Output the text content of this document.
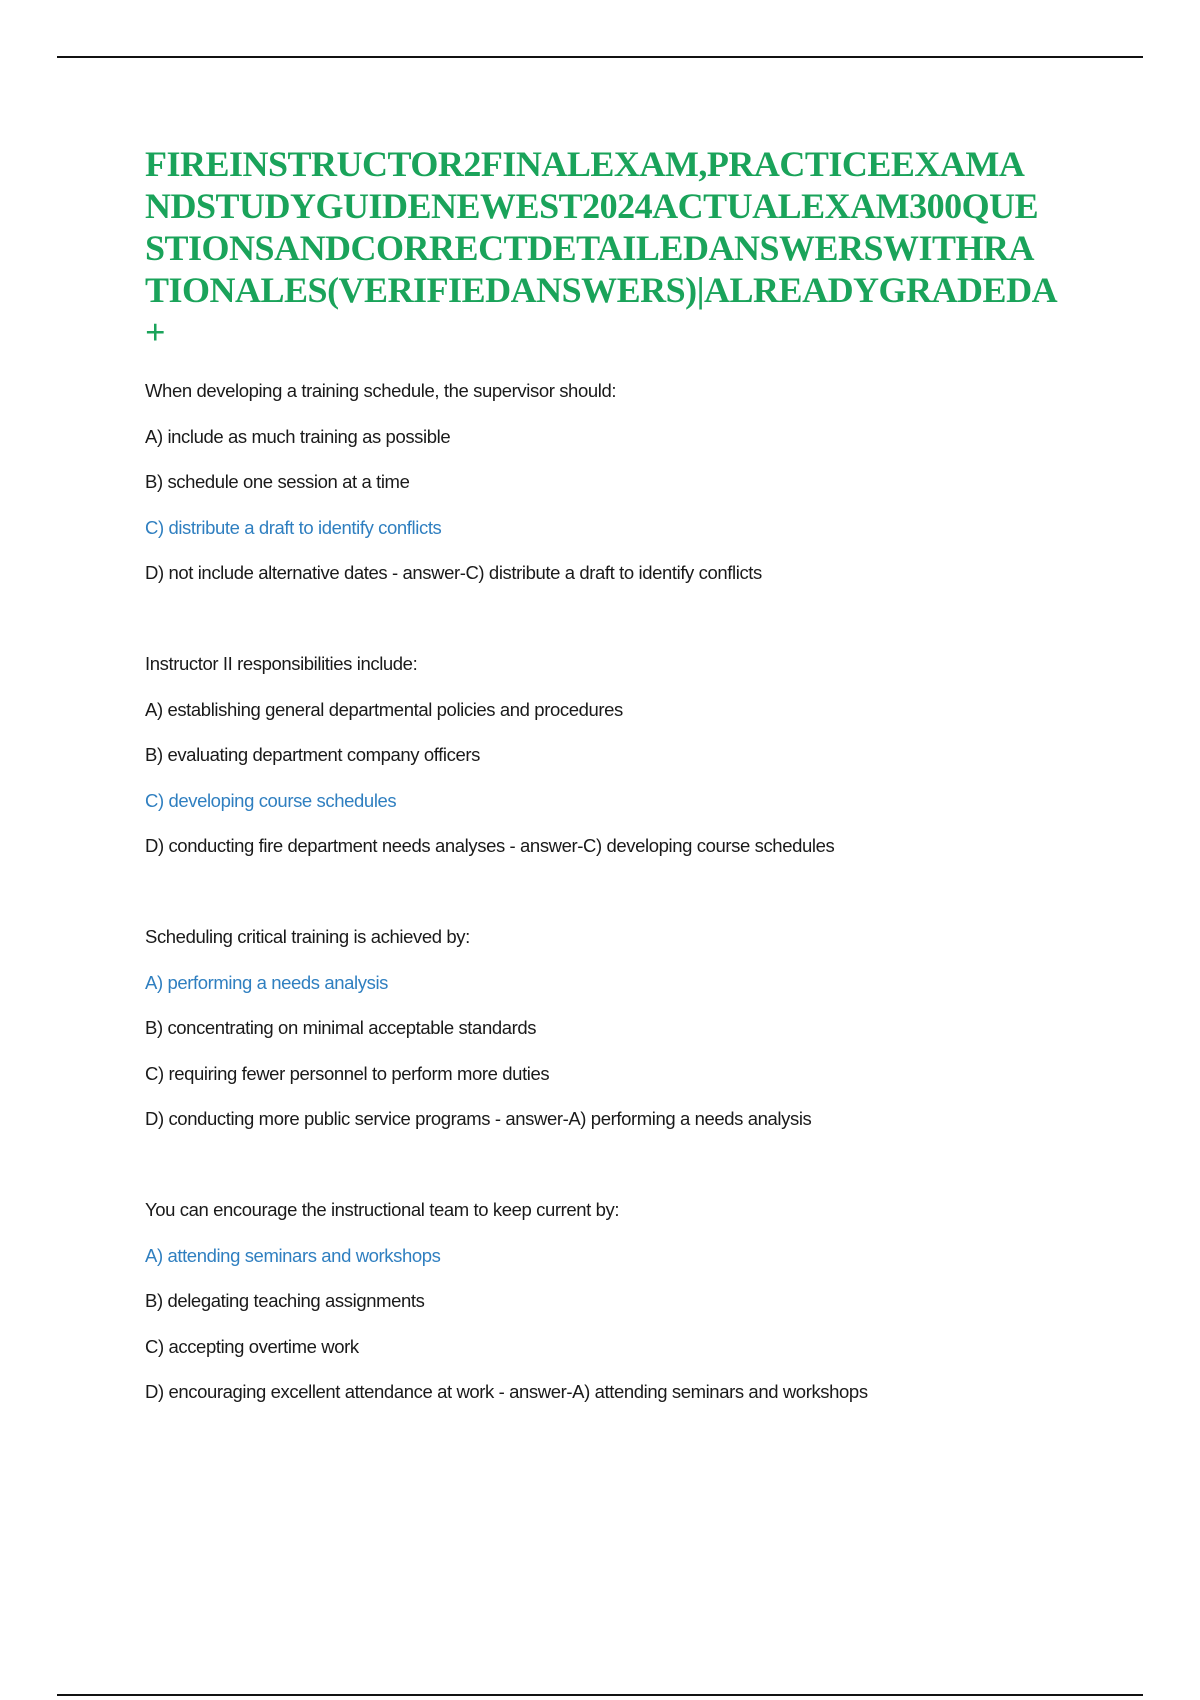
FIREINSTRUCTOR2FINALEXAM,PRACTICEEXAMA
NDSTUDYGUIDENEWEST2024ACTUALEXAM300QUE
STIONSANDCORRECTDETAILEDANSWERSWITHRA
TIONALES(VERIFIEDANSWERS)|ALREADYGRADEDA
+
When developing a training schedule, the supervisor should:
A) include as much training as possible
B) schedule one session at a time
C) distribute a draft to identify conflicts
D) not include alternative dates - answer-C) distribute a draft to identify conflicts
Instructor II responsibilities include:
A) establishing general departmental policies and procedures
B) evaluating department company officers
C) developing course schedules
D) conducting fire department needs analyses - answer-C) developing course schedules
Scheduling critical training is achieved by:
A) performing a needs analysis
B) concentrating on minimal acceptable standards
C) requiring fewer personnel to perform more duties
D) conducting more public service programs - answer-A) performing a needs analysis
You can encourage the instructional team to keep current by:
A) attending seminars and workshops
B) delegating teaching assignments
C) accepting overtime work
D) encouraging excellent attendance at work - answer-A) attending seminars and workshops
